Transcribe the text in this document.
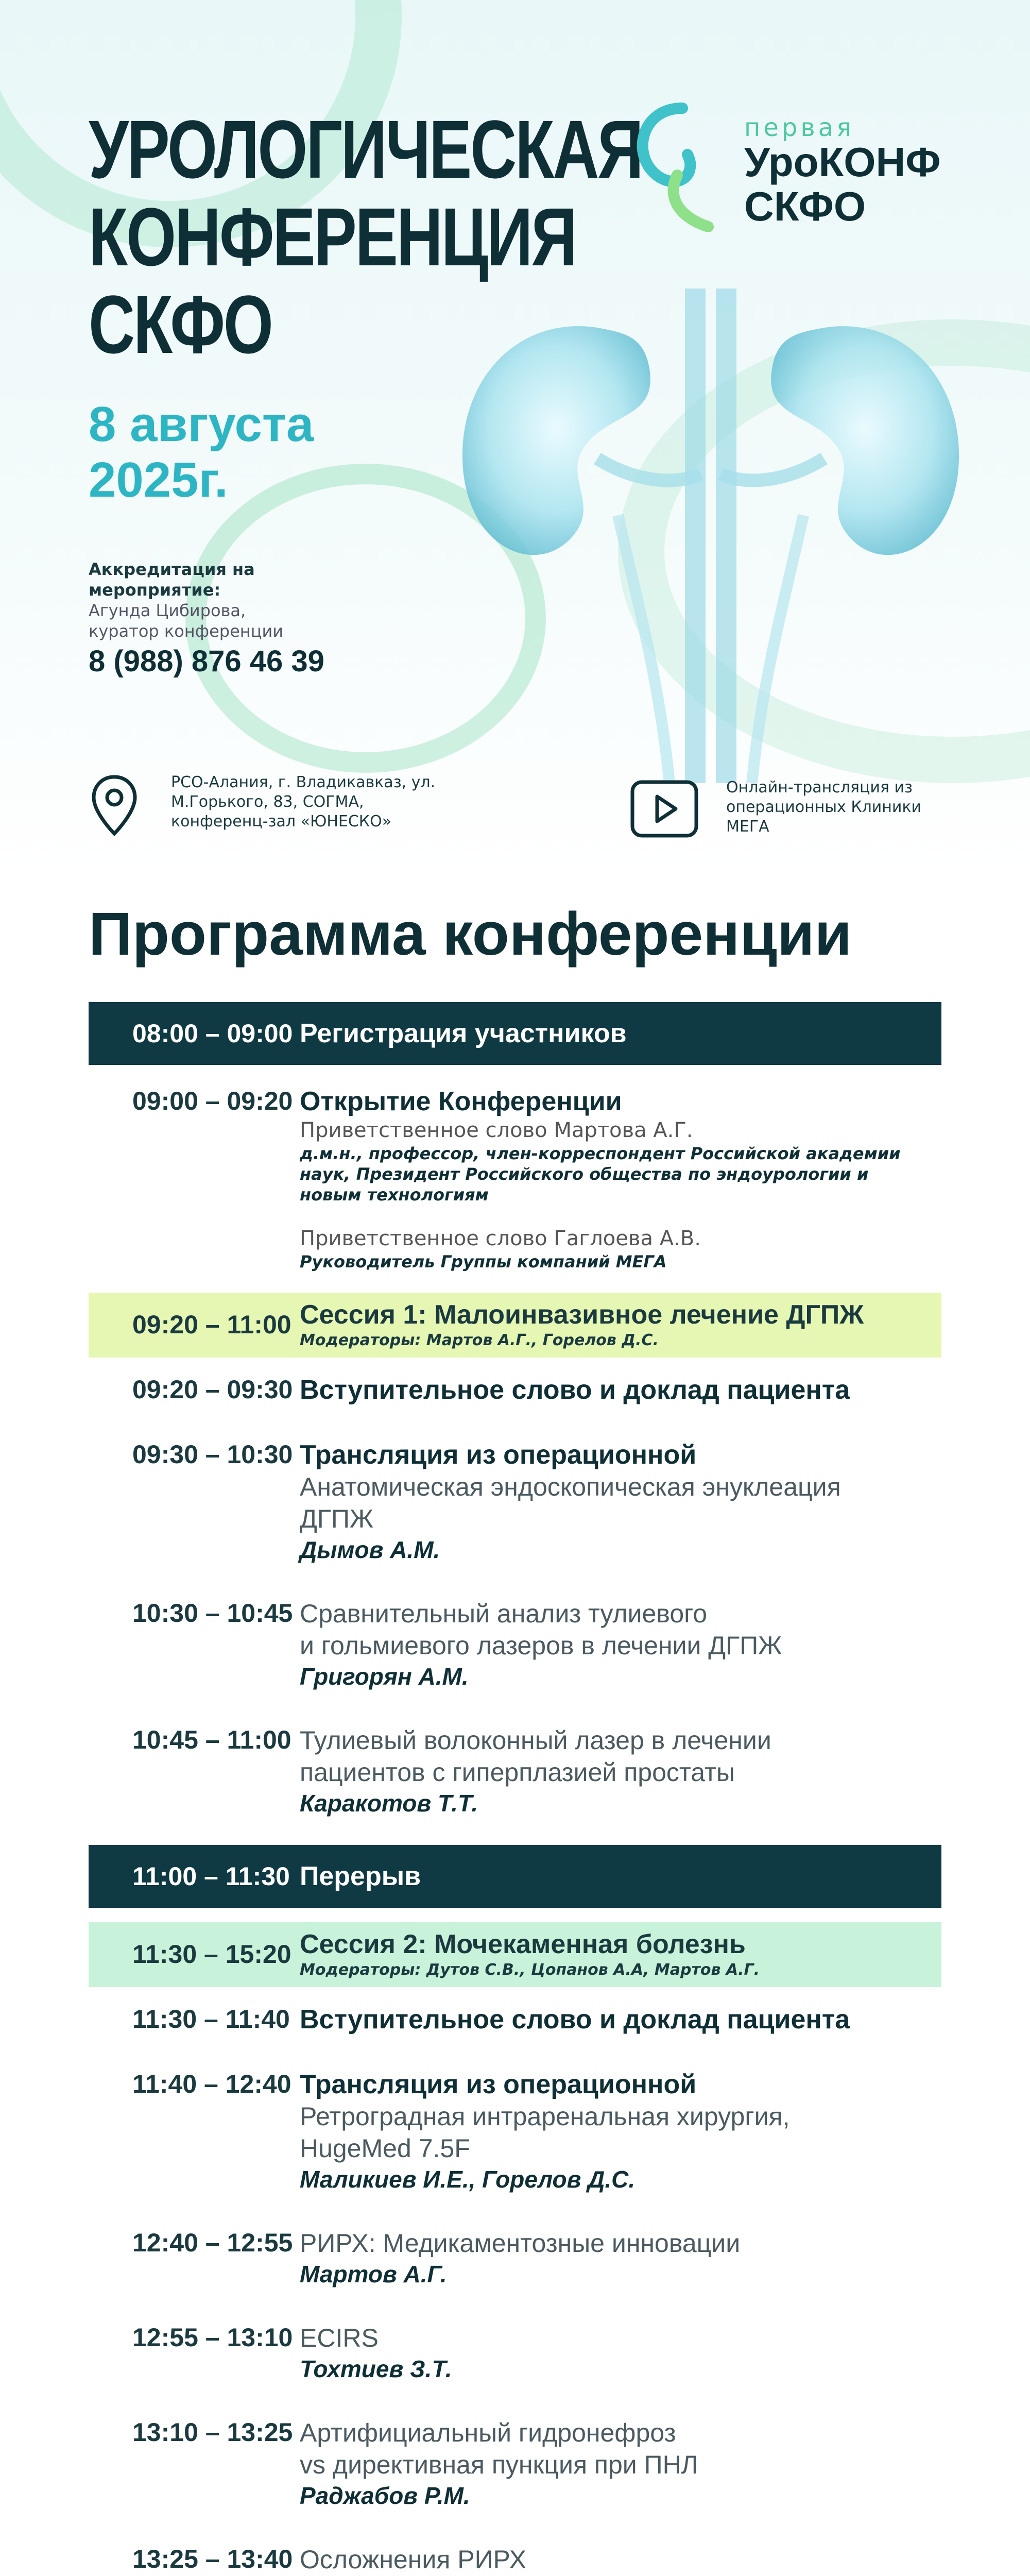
УРОЛОГИЧЕСКАЯ
КОНФЕРЕНЦИЯ
СКФО
8 августа
2025г.
Аккредитация на мероприятие:
Агунда Цибирова,
куратор конференции
8 (988) 876 46 39
первая
УроКОНФ
СКФО
РСО-Алания, г. Владикавказ, ул. М.Горького, 83, СОГМА, конференц-зал «ЮНЕСКО»
Онлайн-трансляция из операционных Клиники МЕГА
Программа конференции
08:00 – 09:00 Регистрация участников
09:00 – 09:20 Открытие Конференции
Приветственное слово Мартова А.Г.
д.м.н., профессор, член-корреспондент Российской академии наук, Президент Российского общества по эндоурологии и новым технологиям
Приветственное слово Гаглоева А.В.
Руководитель Группы компаний МЕГА
09:20 – 11:00 Сессия 1: Малоинвазивное лечение ДГПЖ
Модераторы: Мартов А.Г., Горелов Д.С.
09:20 – 09:30 Вступительное слово и доклад пациента
09:30 – 10:30 Трансляция из операционной
Анатомическая эндоскопическая энуклеация
ДГПЖ
Дымов А.М.
10:30 – 10:45 Сравнительный анализ тулиевого
и гольмиевого лазеров в лечении ДГПЖ
Григорян А.М.
10:45 – 11:00 Тулиевый волоконный лазер в лечении
пациентов с гиперплазией простаты
Каракотов Т.Т.
11:00 – 11:30 Перерыв
11:30 – 15:20 Сессия 2: Мочекаменная болезнь
Модераторы: Дутов С.В., Цопанов А.А, Мартов А.Г.
11:30 – 11:40 Вступительное слово и доклад пациента
11:40 – 12:40 Трансляция из операционной
Ретроградная интраренальная хирургия,
HugeMed 7.5F
Маликиев И.Е., Горелов Д.С.
12:40 – 12:55 РИРХ: Медикаментозные инновации
Мартов А.Г.
12:55 – 13:10 ECIRS
Тохтиев З.Т.
13:10 – 13:25 Артифициальный гидронефроз
vs директивная пункция при ПНЛ
Раджабов Р.М.
13:25 – 13:40 Осложнения РИРХ
